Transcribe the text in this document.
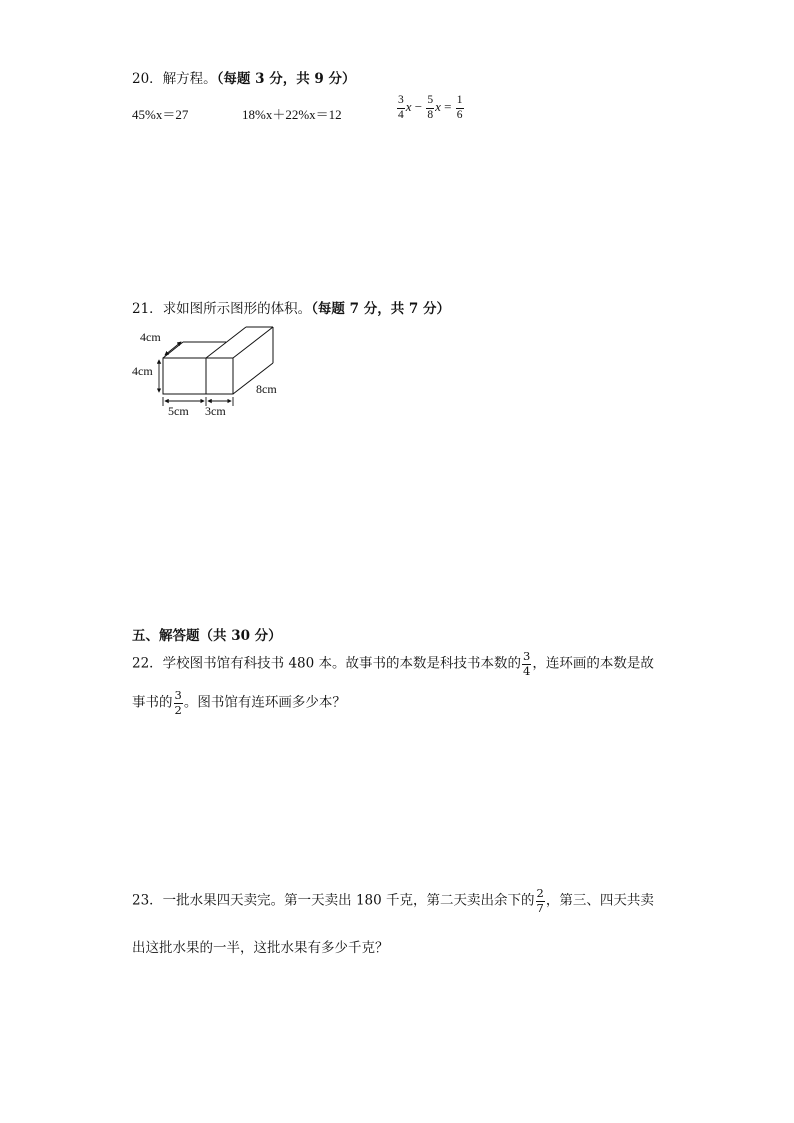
20．解方程。（每题 3 分，共 9 分）
45%x＝27	18%x＋22%x＝12	$\frac{3}{4}$ $x - \frac{5}{8}$ $x = \frac{1}{6}$
21．求如图所示图形的体积。（每题 7 分，共 7 分）
4cm
4cm
8cm
5cm 3cm
五、解答题（共 30 分）
22．学校图书馆有科技书 480 本。故事书的本数是科技书本数的 $\frac{3}{4}$ ，连环画的本数是故
事书的 $\frac{3}{2}$ 。图书馆有连环画多少本？
23．一批水果四天卖完。第一天卖出 180 千克，第二天卖出余下的 $\frac{2}{7}$ ，第三、四天共卖
出这批水果的一半，这批水果有多少千克？
